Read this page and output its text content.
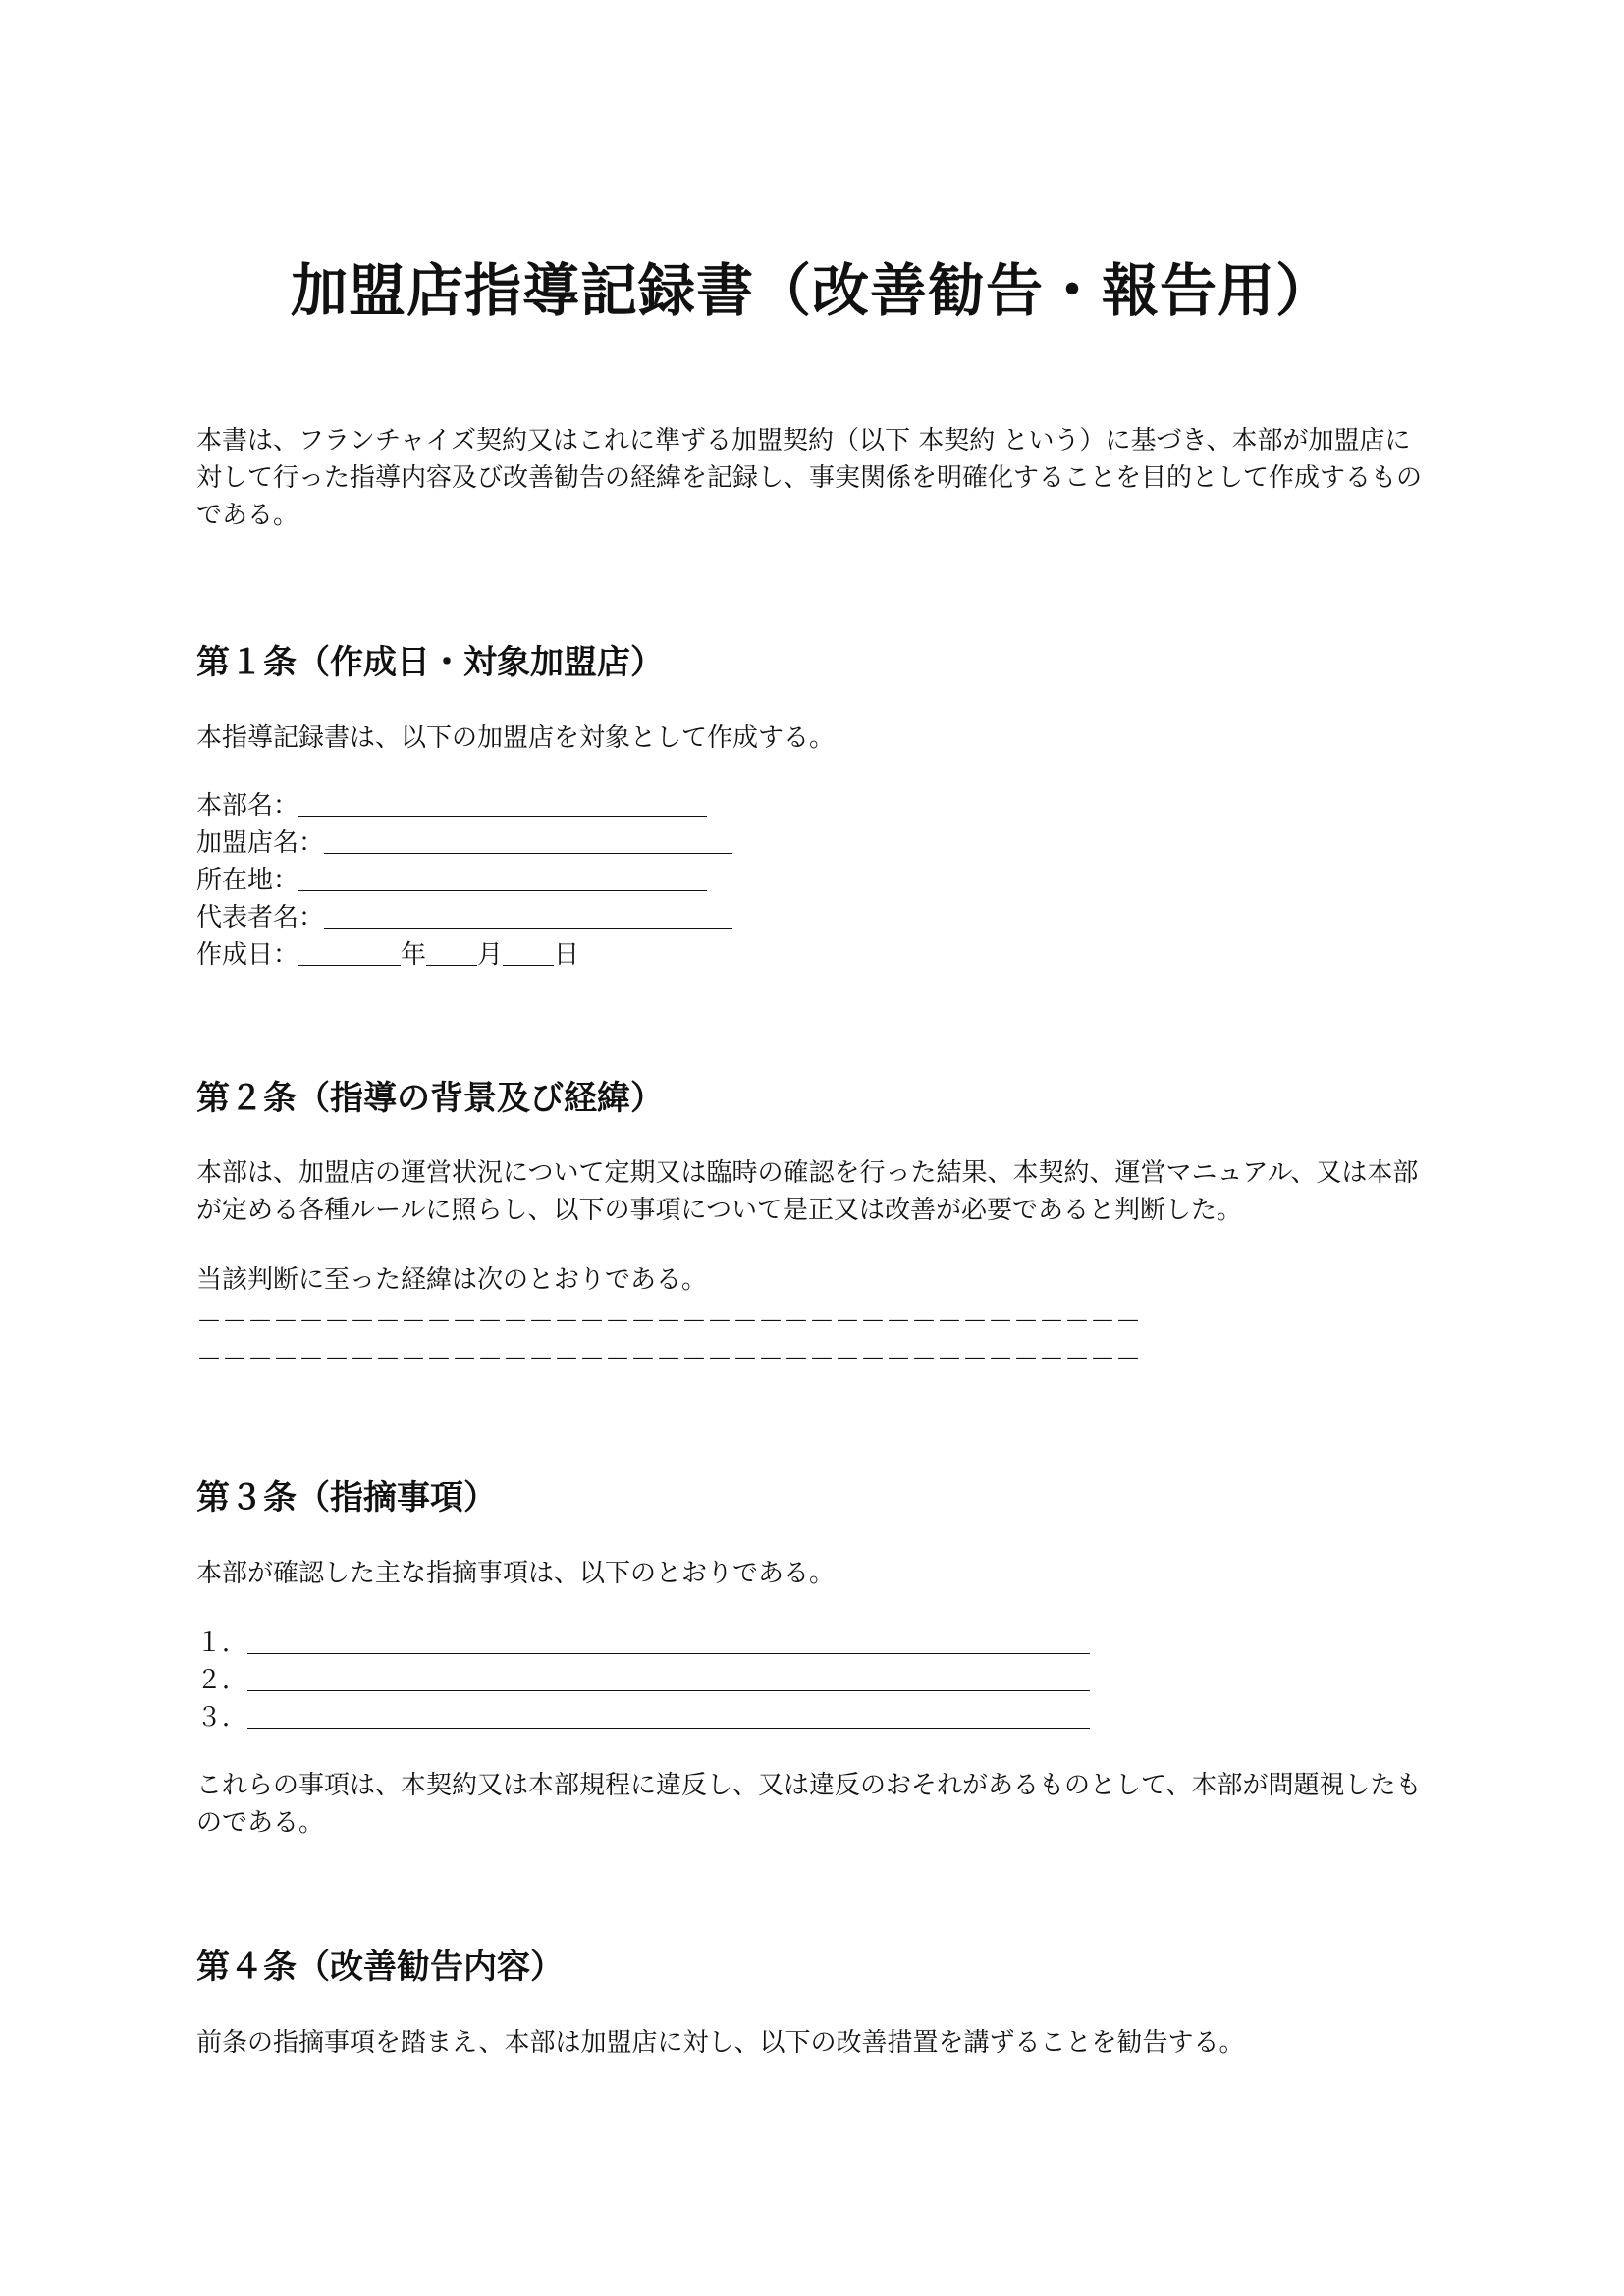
加盟店指導記録書（改善勧告・報告用）

本書は、フランチャイズ契約又はこれに準ずる加盟契約（以下 本契約 という）に基づき、本部が加盟店に対して行った指導内容及び改善勧告の経緯を記録し、事実関係を明確化することを目的として作成するものである。

第１条（作成日・対象加盟店）

本指導記録書は、以下の加盟店を対象として作成する。

本部名：＿＿＿＿＿＿＿＿＿＿＿＿＿＿＿＿
加盟店名：＿＿＿＿＿＿＿＿＿＿＿＿＿＿＿＿
所在地：＿＿＿＿＿＿＿＿＿＿＿＿＿＿＿＿
代表者名：＿＿＿＿＿＿＿＿＿＿＿＿＿＿＿＿
作成日：＿＿＿＿年＿＿月＿＿日
第２条（指導の背景及び経緯）

本部は、加盟店の運営状況について定期又は臨時の確認を行った結果、本契約、運営マニュアル、又は本部が定める各種ルールに照らし、以下の事項について是正又は改善が必要であると判断した。

当該判断に至った経緯は次のとおりである。

－－－－－－－－－－－－－－－－－－－－－－－－－－－－－－－－－－－－－
－－－－－－－－－－－－－－－－－－－－－－－－－－－－－－－－－－－－－
第３条（指摘事項）

本部が確認した主な指摘事項は、以下のとおりである。

１．＿＿＿＿＿＿＿＿＿＿＿＿＿＿＿＿＿＿＿＿＿＿＿＿＿＿＿＿＿＿＿＿＿
２．＿＿＿＿＿＿＿＿＿＿＿＿＿＿＿＿＿＿＿＿＿＿＿＿＿＿＿＿＿＿＿＿＿
３．＿＿＿＿＿＿＿＿＿＿＿＿＿＿＿＿＿＿＿＿＿＿＿＿＿＿＿＿＿＿＿＿＿

これらの事項は、本契約又は本部規程に違反し、又は違反のおそれがあるものとして、本部が問題視したものである。

第４条（改善勧告内容）

前条の指摘事項を踏まえ、本部は加盟店に対し、以下の改善措置を講ずることを勧告する。
